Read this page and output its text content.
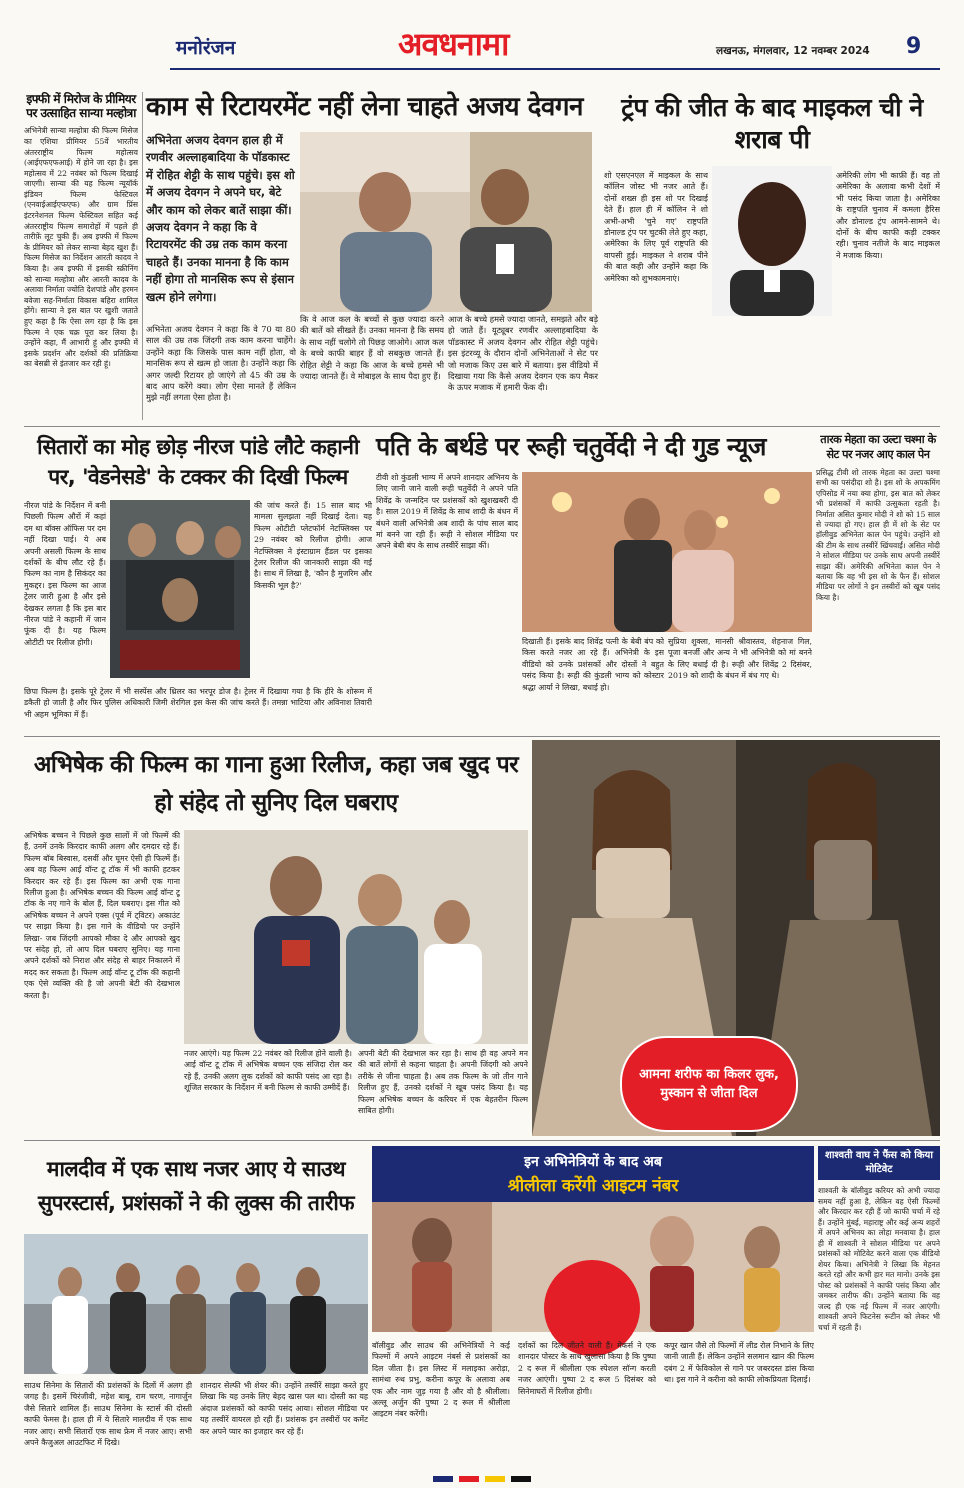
मनोरंजन	अवधनामा	लखनऊ, मंगलवार, 12 नवम्बर 2024 9
इफ्फी में मिरोज के प्रीमियर पर उत्साहित सान्या मल्होत्रा
अभिनेत्री सान्या मल्होत्रा की फिल्म मिसेज का एशिया प्रीमियर 55वें भारतीय अंतरराष्ट्रीय फिल्म महोत्सव (आईएफएफआई) में होने जा रहा है। इस महोत्सव में 22 नवंबर को फिल्म दिखाई जाएगी। सान्या की यह फिल्म न्यूयॉर्क इंडियन फिल्म फेस्टिवल (एनवाईआईएफएफ) और ग्राम प्रिंस इंटरनेशनल फिल्म फेस्टिवल सहित कई अंतरराष्ट्रीय फिल्म समारोहों में पहले ही तारीफ़ें लूट चुकी हैं। अब इफ्फी में फिल्म के प्रीमियर को लेकर सान्या बेहद खुश हैं। फिल्म मिसेज का निर्देशन आरती कादव ने किया है। अब इफ्फी में इसकी स्क्रीनिंग को सान्या मल्होत्रा और आरती कादव के अलावा निर्माता ज्योति देशपांडे और हरमन बवेजा सह-निर्माता विकास बहिरा शामिल होंगे। सान्या ने इस बात पर खुशी जताते हुए कहा है कि ऐसा लग रहा है कि इस फिल्म ने एक चक्र पूरा कर लिया है। उन्होंने कहा, मैं आभारी हूं और इफ्फी में इसके प्रदर्शन और दर्शकों की प्रतिक्रिया का बेसब्री से इंतजार कर रही हूं।
काम से रिटायरमेंट नहीं लेना चाहते अजय देवगन
अभिनेता अजय देवगन हाल ही में रणवीर अल्लाहबादिया के पॉडकास्ट में रोहित शेट्टी के साथ पहुंचे। इस शो में अजय देवगन ने अपने घर, बेटे और काम को लेकर बातें साझा कीं। अजय देवगन ने कहा कि वे रिटायरमेंट की उम्र तक काम करना चाहते हैं। उनका मानना है कि काम नहीं होगा तो मानसिक रूप से इंसान खत्म होने लगेगा।
अभिनेता अजय देवगन ने कहा कि वे 70 या 80 साल की उम्र तक जिंदगी तक काम करना चाहेंगे। उन्होंने कहा कि जिसके पास काम नहीं होता, वो मानसिक रूप से खत्म हो जाता है। उन्होंने कहा कि अगर जल्दी रिटायर हो जाएंगे तो 45 की उम्र के बाद आप करेंगे क्या। लोग ऐसा मानते हैं लेकिन मुझे नहीं लगता ऐसा होता है।
कि वे आज कल के बच्चों से कुछ ज्यादा करने की बातें को सीखते हैं। उनका मानना है कि समय के साथ नहीं चलोगे तो पिछड़ जाओगे। आज कल के बच्चे काफी बाहर हैं वो सबकुछ जानते हैं। रोहित शेट्टी ने कहा कि आज के बच्चे हमसे भी ज्यादा जानते हैं। वे मोबाइल के साथ पैदा हुए हैं।
आज के बच्चे हमसे ज्यादा जानते, समझते और बड़े हो जाते हैं। यूट्यूबर रणवीर अल्लाहबादिया के पॉडकास्ट में अजय देवगन और रोहित शेट्टी पहुंचे। इस इंटरव्यू के दौरान दोनों अभिनेताओं ने सेट पर जो मजाक किए उस बारे में बताया। इस वीडियो में दिखाया गया कि कैसे अजय देवगन एक कप मैकर के ऊपर मजाक में हमारी फेंक दी।
ट्रंप की जीत के बाद माइकल ची ने शराब पी
शो एसएनएल में माइकल के साथ कॉलिन जोस्ट भी नजर आते हैं। दोनों शख्स ही इस शो पर दिखाई देते हैं। हाल ही में कॉलिन ने शो अभी-अभी 'चुने गए' राष्ट्रपति डोनाल्ड ट्रंप पर चुटकी लेते हुए कहा, अमेरिका के लिए पूर्व राष्ट्रपति की वापसी हुई। माइकल ने शराब पीने की बात कही और उन्होंने कहा कि अमेरिका को शुभकामनाएं।
अमेरिकी लोग भी काफ़ी हैं। वह तो अमेरिका के अलावा कभी देशों में भी पसंद किया जाता है। अमेरिका के राष्ट्रपति चुनाव में कमला हैरिस और डोनाल्ड ट्रंप आमने-सामने थे। दोनों के बीच काफी कड़ी टक्कर रही। चुनाव नतीजे के बाद माइकल ने मजाक किया।
सितारों का मोह छोड़ नीरज पांडे लौटे कहानी पर, 'वेडनेसडे' के टक्कर की दिखी फिल्म
नीरज पांडे के निर्देशन में बनी पिछली फिल्म औरों में कहां दम था बॉक्स ऑफिस पर दम नहीं दिखा पाई। ये अब अपनी असली फिल्म के साथ दर्शकों के बीच लौट रहे हैं। फिल्म का नाम है सिकंदर का मुकद्दर। इस फिल्म का आज ट्रेलर जारी हुआ है और इसे देखकर लगता है कि इस बार नीरज पांडे ने कहानी में जान फूंक दी है। यह फिल्म ओटीटी पर रिलीज होगी।
की जांच करते हैं। 15 साल बाद भी मामला सुलझता नहीं दिखाई देता। यह फिल्म ओटीटी प्लेटफॉर्म नेटफ्लिक्स पर 29 नवंबर को रिलीज होगी। आज नेटफ्लिक्स ने इंस्टाग्राम हैंडल पर इसका ट्रेलर रिलीज की जानकारी साझा की गई है। साथ में लिखा है, 'कौन है मुजरिम और किसकी भूल है?'
छिपा फिल्म है। इसके पूरे ट्रेलर में भी सस्पेंस और थ्रिलर का भरपूर डोज है। ट्रेलर में दिखाया गया है कि हीरे के शोरूम में डकैती हो जाती है और फिर पुलिस अधिकारी जिमी शेरगिल इस केस की जांच करते हैं। तमन्ना भाटिया और अविनाश तिवारी भी अहम भूमिका में हैं।
पति के बर्थडे पर रूही चतुर्वेदी ने दी गुड न्यूज
टीवी शो कुंडली भाग्य में अपने शानदार अभिनय के लिए जानी जाने वाली रूही चतुर्वेदी ने अपने पति शिवेंद्र के जन्मदिन पर प्रशंसकों को खुशखबरी दी है। साल 2019 में शिवेंद्र के साथ शादी के बंधन में बंधने वाली अभिनेत्री अब शादी के पांच साल बाद मां बनने जा रही हैं। रूही ने सोशल मीडिया पर अपने बेबी बंप के साथ तस्वीरें साझा कीं।
दिखाती हैं। इसके बाद शिवेंद्र पत्नी के बेबी बंप को किस करते नजर आ रहे हैं। अभिनेत्री के इस वीडियो को उनके प्रशंसकों और दोस्तों ने बहुत पसंद किया है। रूही की कुंडली भाग्य को कोस्टार श्रद्धा आर्या ने लिखा, बधाई हो।
सुप्रिया शुक्ला, मानसी श्रीवास्तव, शेहनाज गिल, पूजा बनर्जी और अन्य ने भी अभिनेत्री को मां बनने के लिए बधाई दी है। रूही और शिवेंद्र 2 दिसंबर, 2019 को शादी के बंधन में बंध गए थे।
तारक मेहता का उल्टा चश्मा के सेट पर नजर आए काल पेन
प्रसिद्ध टीवी शो तारक मेहता का उल्टा चश्मा सभी का पसंदीदा शो है। इस शो के अपकमिंग एपिसोड में नया क्या होगा, इस बात को लेकर भी प्रशंसकों में काफी उत्सुकता रहती है। निर्माता असित कुमार मोदी ने शो को 15 साल से ज्यादा हो गए। हाल ही में शो के सेट पर हॉलीवुड अभिनेता काल पेन पहुंचे। उन्होंने शो की टीम के साथ तस्वीरें खिंचवाईं। असित मोदी ने सोशल मीडिया पर उनके साथ अपनी तस्वीरें साझा कीं। अमेरिकी अभिनेता काल पेन ने बताया कि वह भी इस शो के फैन हैं। सोशल मीडिया पर लोगों ने इन तस्वीरों को खूब पसंद किया है।
अभिषेक की फिल्म का गाना हुआ रिलीज, कहा जब खुद पर हो संहेद तो सुनिए दिल घबराए
अभिषेक बच्चन ने पिछले कुछ सालों में जो फिल्में की हैं, उनमें उनके किरदार काफी अलग और दमदार रहे हैं। फिल्म बॉब बिस्वास, दसवीं और घूमर ऐसी ही फिल्में हैं। अब वह फिल्म आई वॉन्ट टू टॉक में भी काफी हटकर किरदार कर रहे हैं। इस फिल्म का अभी एक गाना रिलीज हुआ है। अभिषेक बच्चन की फिल्म आई वॉन्ट टू टॉक के नए गाने के बोल हैं, दिल घबराए। इस गीत को अभिषेक बच्चन ने अपने एक्स (पूर्व में ट्विटर) अकाउंट पर साझा किया है। इस गाने के वीडियो पर उन्होंने लिखा- जब जिंदगी आपको मौका दे और आपको खुद पर संदेह हो, तो आप दिल घबराए सुनिए। यह गाना अपने दर्शकों को निराश और संदेह से बाहर निकालने में मदद कर सकता है। फिल्म आई वॉन्ट टू टॉक की कहानी एक ऐसे व्यक्ति की है जो अपनी बेटी की देखभाल करता है।
नजर आएंगे। यह फिल्म 22 नवंबर को रिलीज होने वाली है। आई वॉन्ट टू टॉक में अभिषेक बच्चन एक संजिदा रोल कर रहे हैं, उनकी अलग लुक दर्शकों को काफी पसंद आ रहा है। शूजित सरकार के निर्देशन में बनी फिल्म से काफी उम्मीदें हैं।
अपनी बेटी की देखभाल कर रहा है। साथ ही वह अपने मन की बातें लोगों से कहना चाहता है। अपनी जिंदगी को अपने तरीके से जीना चाहता है। अब तक फिल्म के जो तीन गाने रिलीज हुए हैं, उनको दर्शकों ने खूब पसंद किया है। यह फिल्म अभिषेक बच्चन के करियर में एक बेहतरीन फिल्म साबित होगी।
आमना शरीफ का किलर लुक, मुस्कान से जीता दिल
मालदीव में एक साथ नजर आए ये साउथ सुपरस्टार्स, प्रशंसकों ने की लुक्स की तारीफ
साउथ सिनेमा के सितारों की प्रशंसकों के दिलों में अलग ही जगह है। इसमें चिरंजीवी, महेश बाबू, राम चरण, नागार्जुन जैसे सितारे शामिल हैं। साउथ सिनेमा के स्टार्स की दोस्ती काफी फेमस है। हाल ही में ये सितारे मालदीव में एक साथ नजर आए। सभी सितारों एक साथ फ्रेम में नजर आए। सभी अपने कैजुअल आउटफिट में दिखे।
शानदार सेल्फी भी शेयर की। उन्होंने तस्वीरें साझा करते हुए लिखा कि यह उनके लिए बेहद खास पल था। दोस्ती का यह अंदाज प्रशंसकों को काफी पसंद आया। सोशल मीडिया पर यह तस्वीरें वायरल हो रही हैं। प्रशंसक इन तस्वीरों पर कमेंट कर अपने प्यार का इजहार कर रहे हैं।
इन अभिनेत्रियों के बाद अब
श्रीलीला करेंगी आइटम नंबर
बॉलीवुड और साउथ की अभिनेत्रियों ने कई फिल्मों में अपने आइटम नंबर्स से प्रशंसकों का दिल जीता है। इस लिस्ट में मलाइका अरोड़ा, सामंथा रुथ प्रभु, करीना कपूर के अलावा अब एक और नाम जुड़ गया है और वो है श्रीलीला। अल्लू अर्जुन की पुष्पा 2 द रूल में श्रीलीला आइटम नंबर करेंगी।
दर्शकों का दिल जीतने वाली हैं। मेकर्स ने एक शानदार पोस्टर के साथ खुलासा किया है कि पुष्पा 2 द रूल में श्रीलीला एक स्पेशल सॉन्ग करती नजर आएंगी। पुष्पा 2 द रूल 5 दिसंबर को सिनेमाघरों में रिलीज होगी।
कपूर खान जैसे तो फिल्मों में लीड रोल निभाने के लिए जानी जाती हैं। लेकिन उन्होंने सलमान खान की फिल्म दबंग 2 में फेविकोल से गाने पर जबरदस्त डांस किया था। इस गाने ने करीना को काफी लोकप्रियता दिलाई।
शाश्वती वाघ ने फैंस को किया मोटिवेट
शाश्वती के बॉलीवुड करियर को अभी ज्यादा समय नहीं हुआ है, लेकिन वह ऐसी फिल्मों और किरदार कर रही हैं जो काफी चर्चा में रहे हैं। उन्होंने मुंबई, महाराष्ट्र और कई अन्य शहरों में अपने अभिनय का लोहा मनवाया है। हाल ही में शाश्वती ने सोशल मीडिया पर अपने प्रशंसकों को मोटिवेट करने वाला एक वीडियो शेयर किया। अभिनेत्री ने लिखा कि मेहनत करते रहो और कभी हार मत मानो। उनके इस पोस्ट को प्रशंसकों ने काफी पसंद किया और जमकर तारीफ की। उन्होंने बताया कि वह जल्द ही एक नई फिल्म में नजर आएंगी। शाश्वती अपने फिटनेस रूटीन को लेकर भी चर्चा में रहती हैं।
